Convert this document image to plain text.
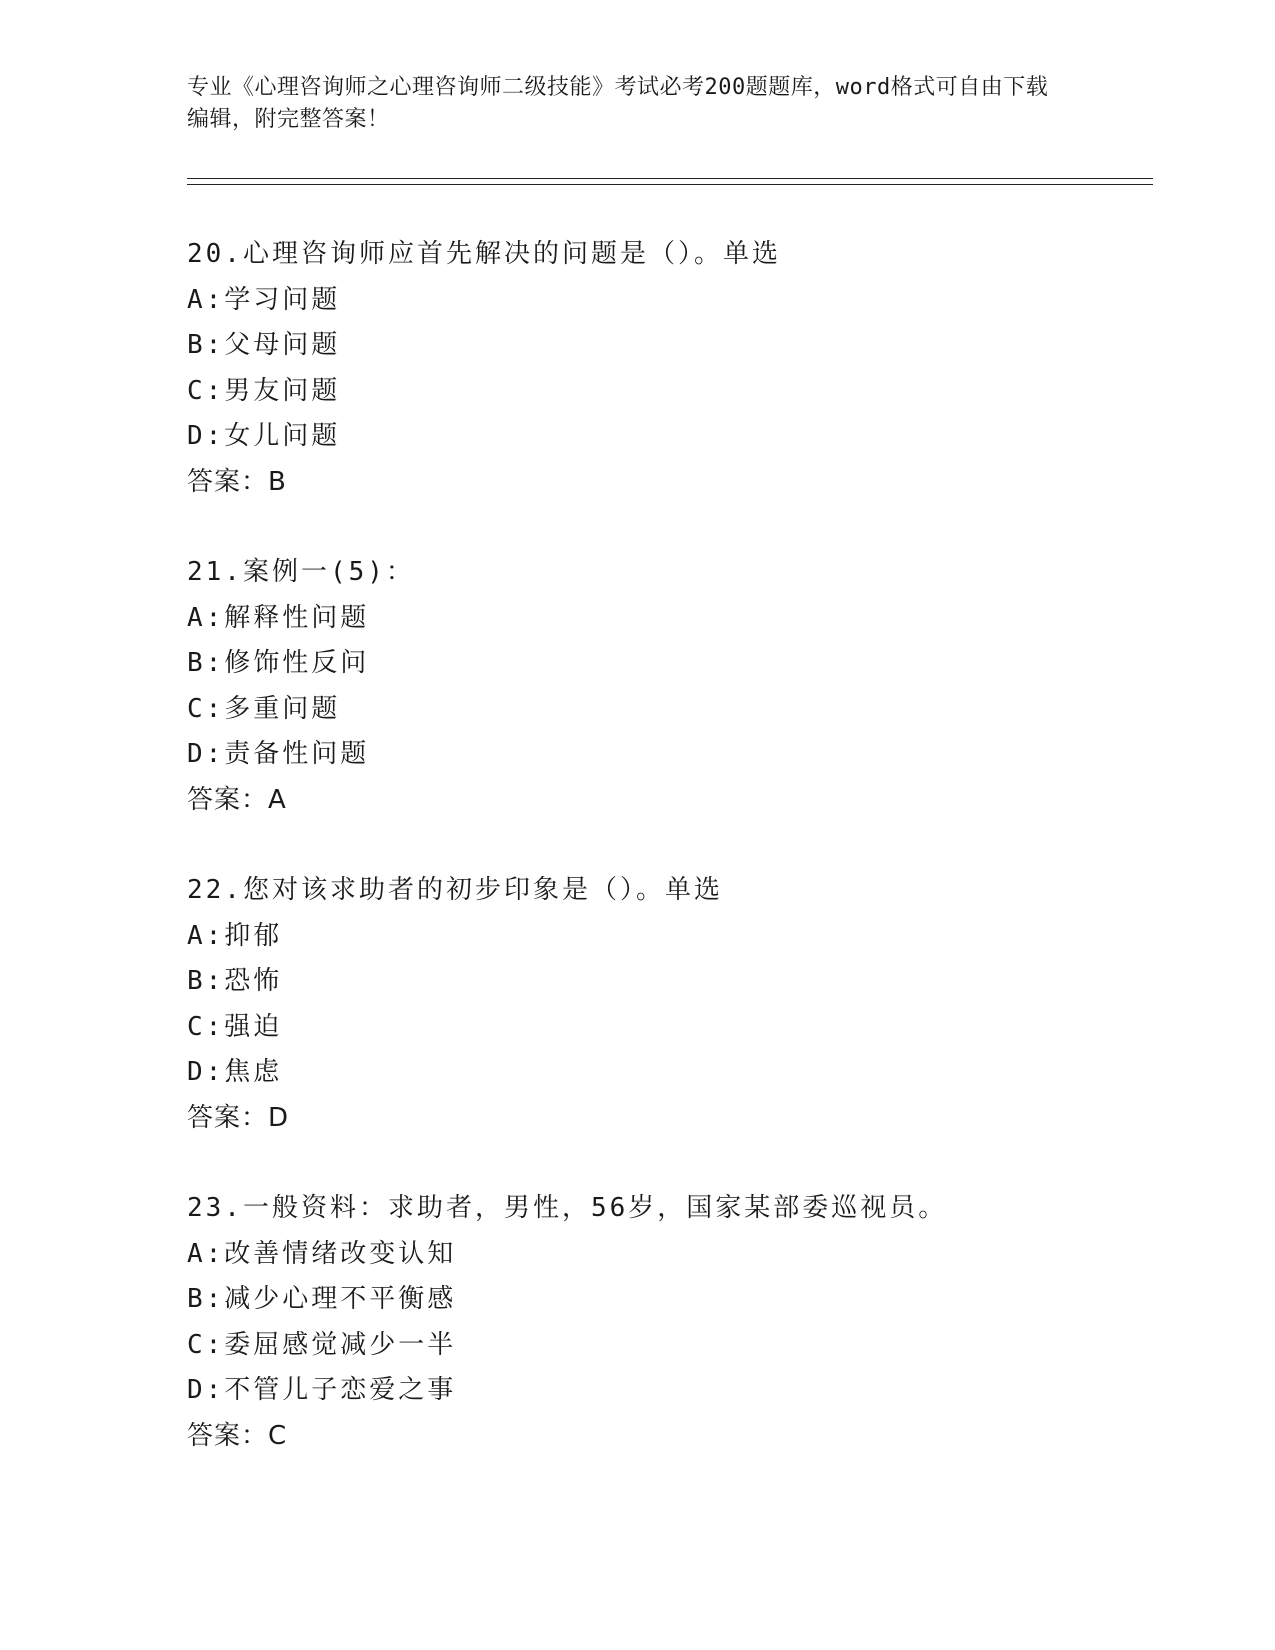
专业《心理咨询师之心理咨询师二级技能》考试必考200题题库，word格式可自由下载编辑，附完整答案！
20.心理咨询师应首先解决的问题是（）。单选
A:学习问题
B:父母问题
C:男友问题
D:女儿问题
答案：B
21.案例一(5)：
A:解释性问题
B:修饰性反问
C:多重问题
D:责备性问题
答案：A
22.您对该求助者的初步印象是（）。单选
A:抑郁
B:恐怖
C:强迫
D:焦虑
答案：D
23.一般资料：求助者，男性，56岁，国家某部委巡视员。
A:改善情绪改变认知
B:减少心理不平衡感
C:委屈感觉减少一半
D:不管儿子恋爱之事
答案：C
